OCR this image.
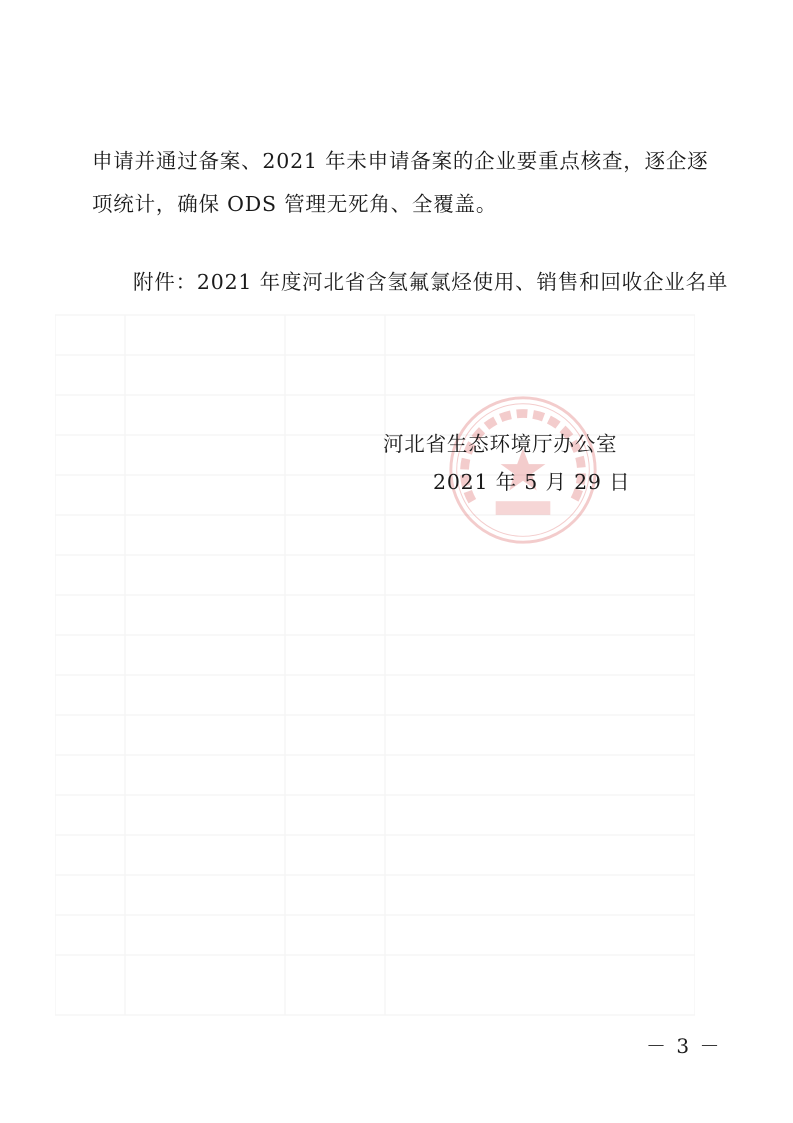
申请并通过备案、2021 年未申请备案的企业要重点核查，逐企逐
项统计，确保 ODS 管理无死角、全覆盖。
附件：2021 年度河北省含氢氟氯烃使用、销售和回收企业名单
河北省生态环境厅办公室
2021 年 5 月 29 日
－ 3 －
